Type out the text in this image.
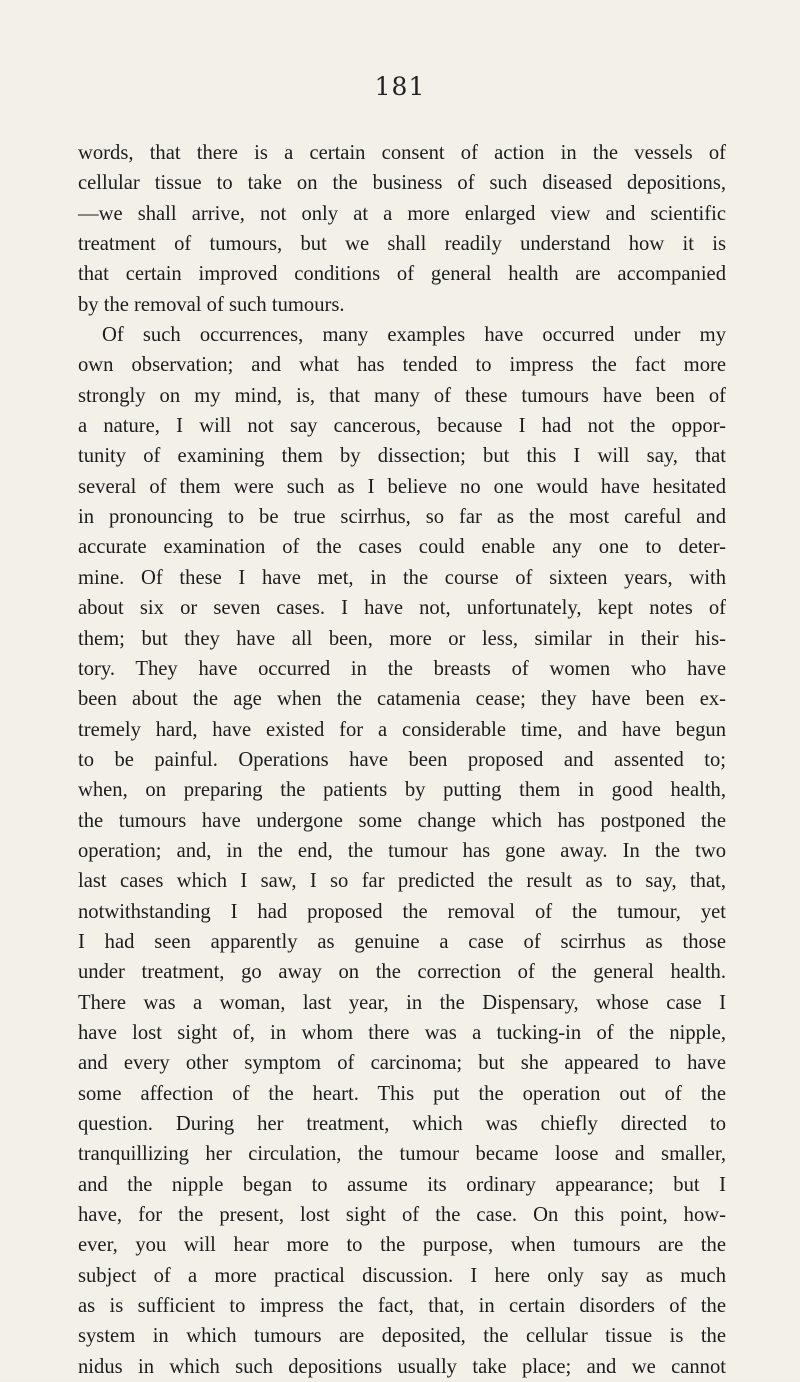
181
words, that there is a certain consent of action in the vessels of
cellular tissue to take on the business of such diseased depositions,
—we shall arrive, not only at a more enlarged view and scientific
treatment of tumours, but we shall readily understand how it is
that certain improved conditions of general health are accompanied
by the removal of such tumours.
Of such occurrences, many examples have occurred under my
own observation; and what has tended to impress the fact more
strongly on my mind, is, that many of these tumours have been of
a nature, I will not say cancerous, because I had not the oppor-
tunity of examining them by dissection; but this I will say, that
several of them were such as I believe no one would have hesitated
in pronouncing to be true scirrhus, so far as the most careful and
accurate examination of the cases could enable any one to deter-
mine. Of these I have met, in the course of sixteen years, with
about six or seven cases. I have not, unfortunately, kept notes of
them; but they have all been, more or less, similar in their his-
tory. They have occurred in the breasts of women who have
been about the age when the catamenia cease; they have been ex-
tremely hard, have existed for a considerable time, and have begun
to be painful. Operations have been proposed and assented to;
when, on preparing the patients by putting them in good health,
the tumours have undergone some change which has postponed the
operation; and, in the end, the tumour has gone away. In the two
last cases which I saw, I so far predicted the result as to say, that,
notwithstanding I had proposed the removal of the tumour, yet
I had seen apparently as genuine a case of scirrhus as those
under treatment, go away on the correction of the general health.
There was a woman, last year, in the Dispensary, whose case I
have lost sight of, in whom there was a tucking-in of the nipple,
and every other symptom of carcinoma; but she appeared to have
some affection of the heart. This put the operation out of the
question. During her treatment, which was chiefly directed to
tranquillizing her circulation, the tumour became loose and smaller,
and the nipple began to assume its ordinary appearance; but I
have, for the present, lost sight of the case. On this point, how-
ever, you will hear more to the purpose, when tumours are the
subject of a more practical discussion. I here only say as much
as is sufficient to impress the fact, that, in certain disorders of the
system in which tumours are deposited, the cellular tissue is the
nidus in which such depositions usually take place; and we cannot
